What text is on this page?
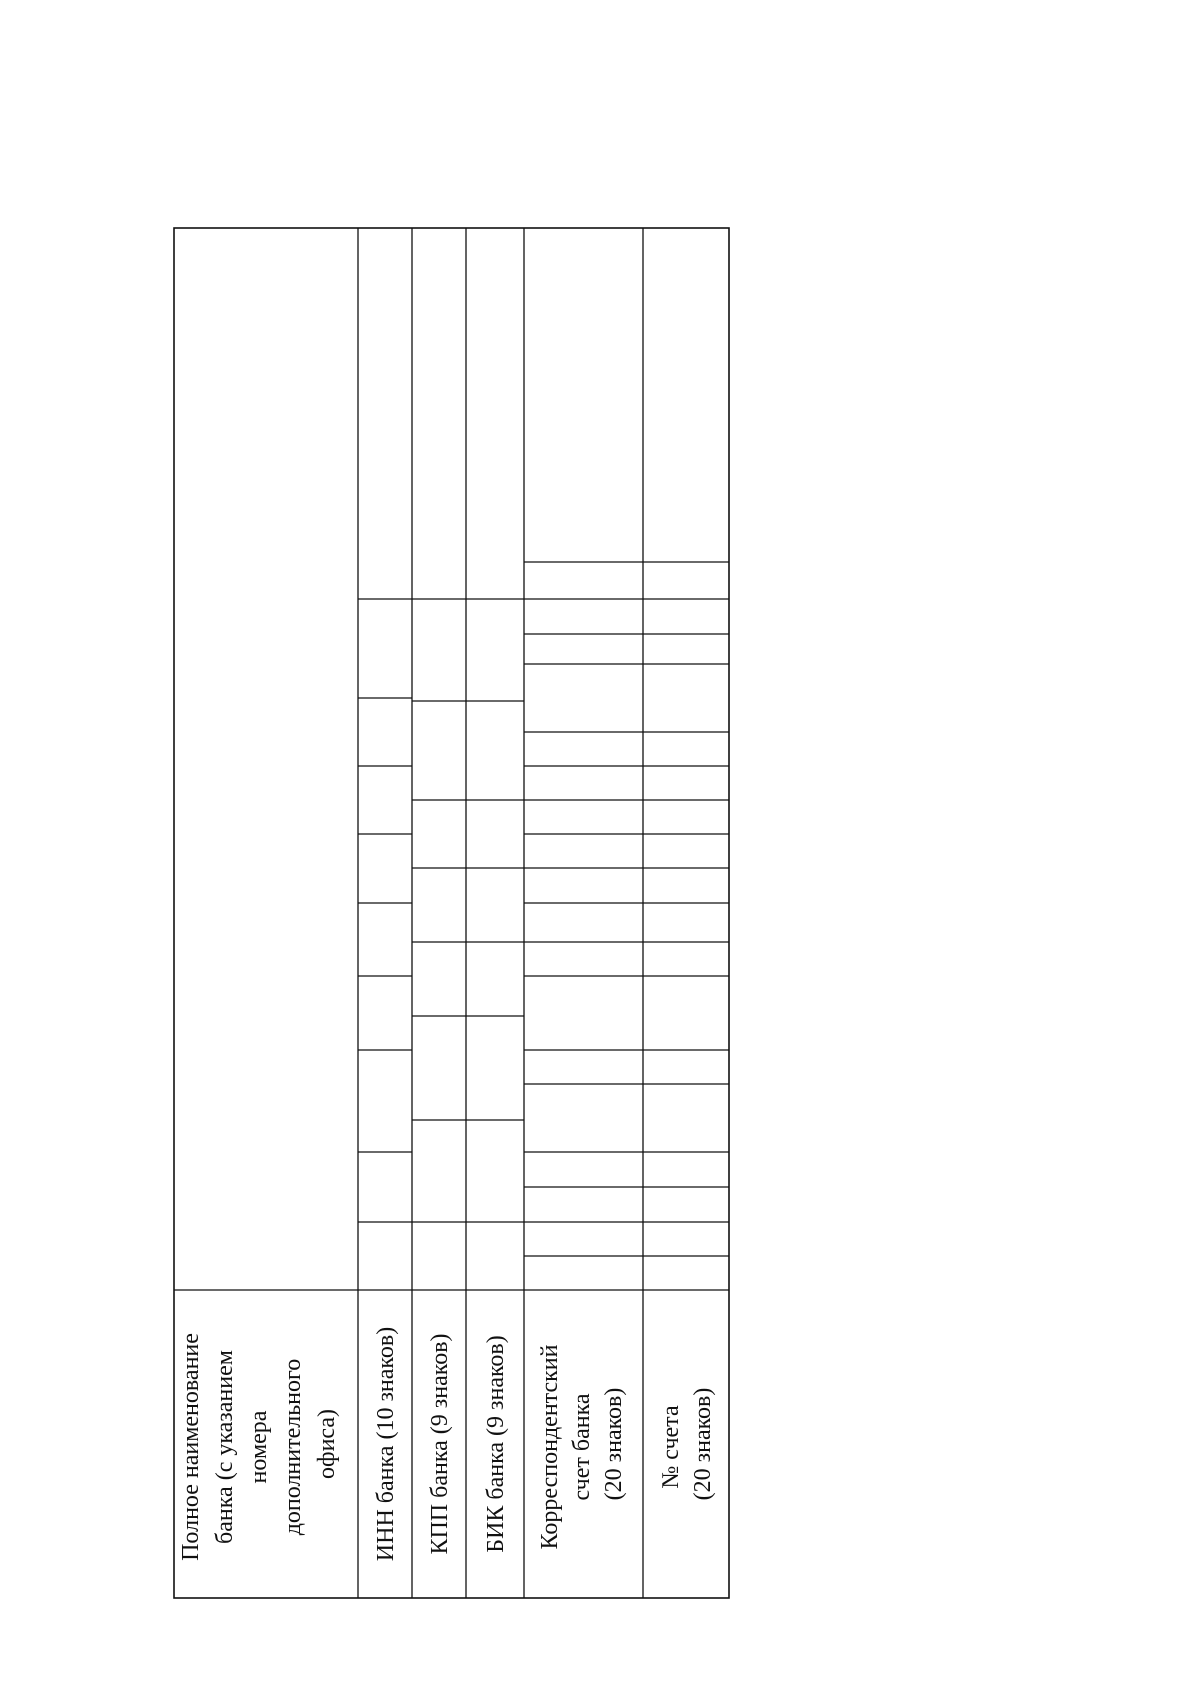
Полное наименование банка (с указанием номера дополнительного офиса) ИНН банка (10 знаков) КПП банка (9 знаков) БИК банка (9 знаков) Корреспондентский счет банка (20 знаков) № счета (20 знаков)
